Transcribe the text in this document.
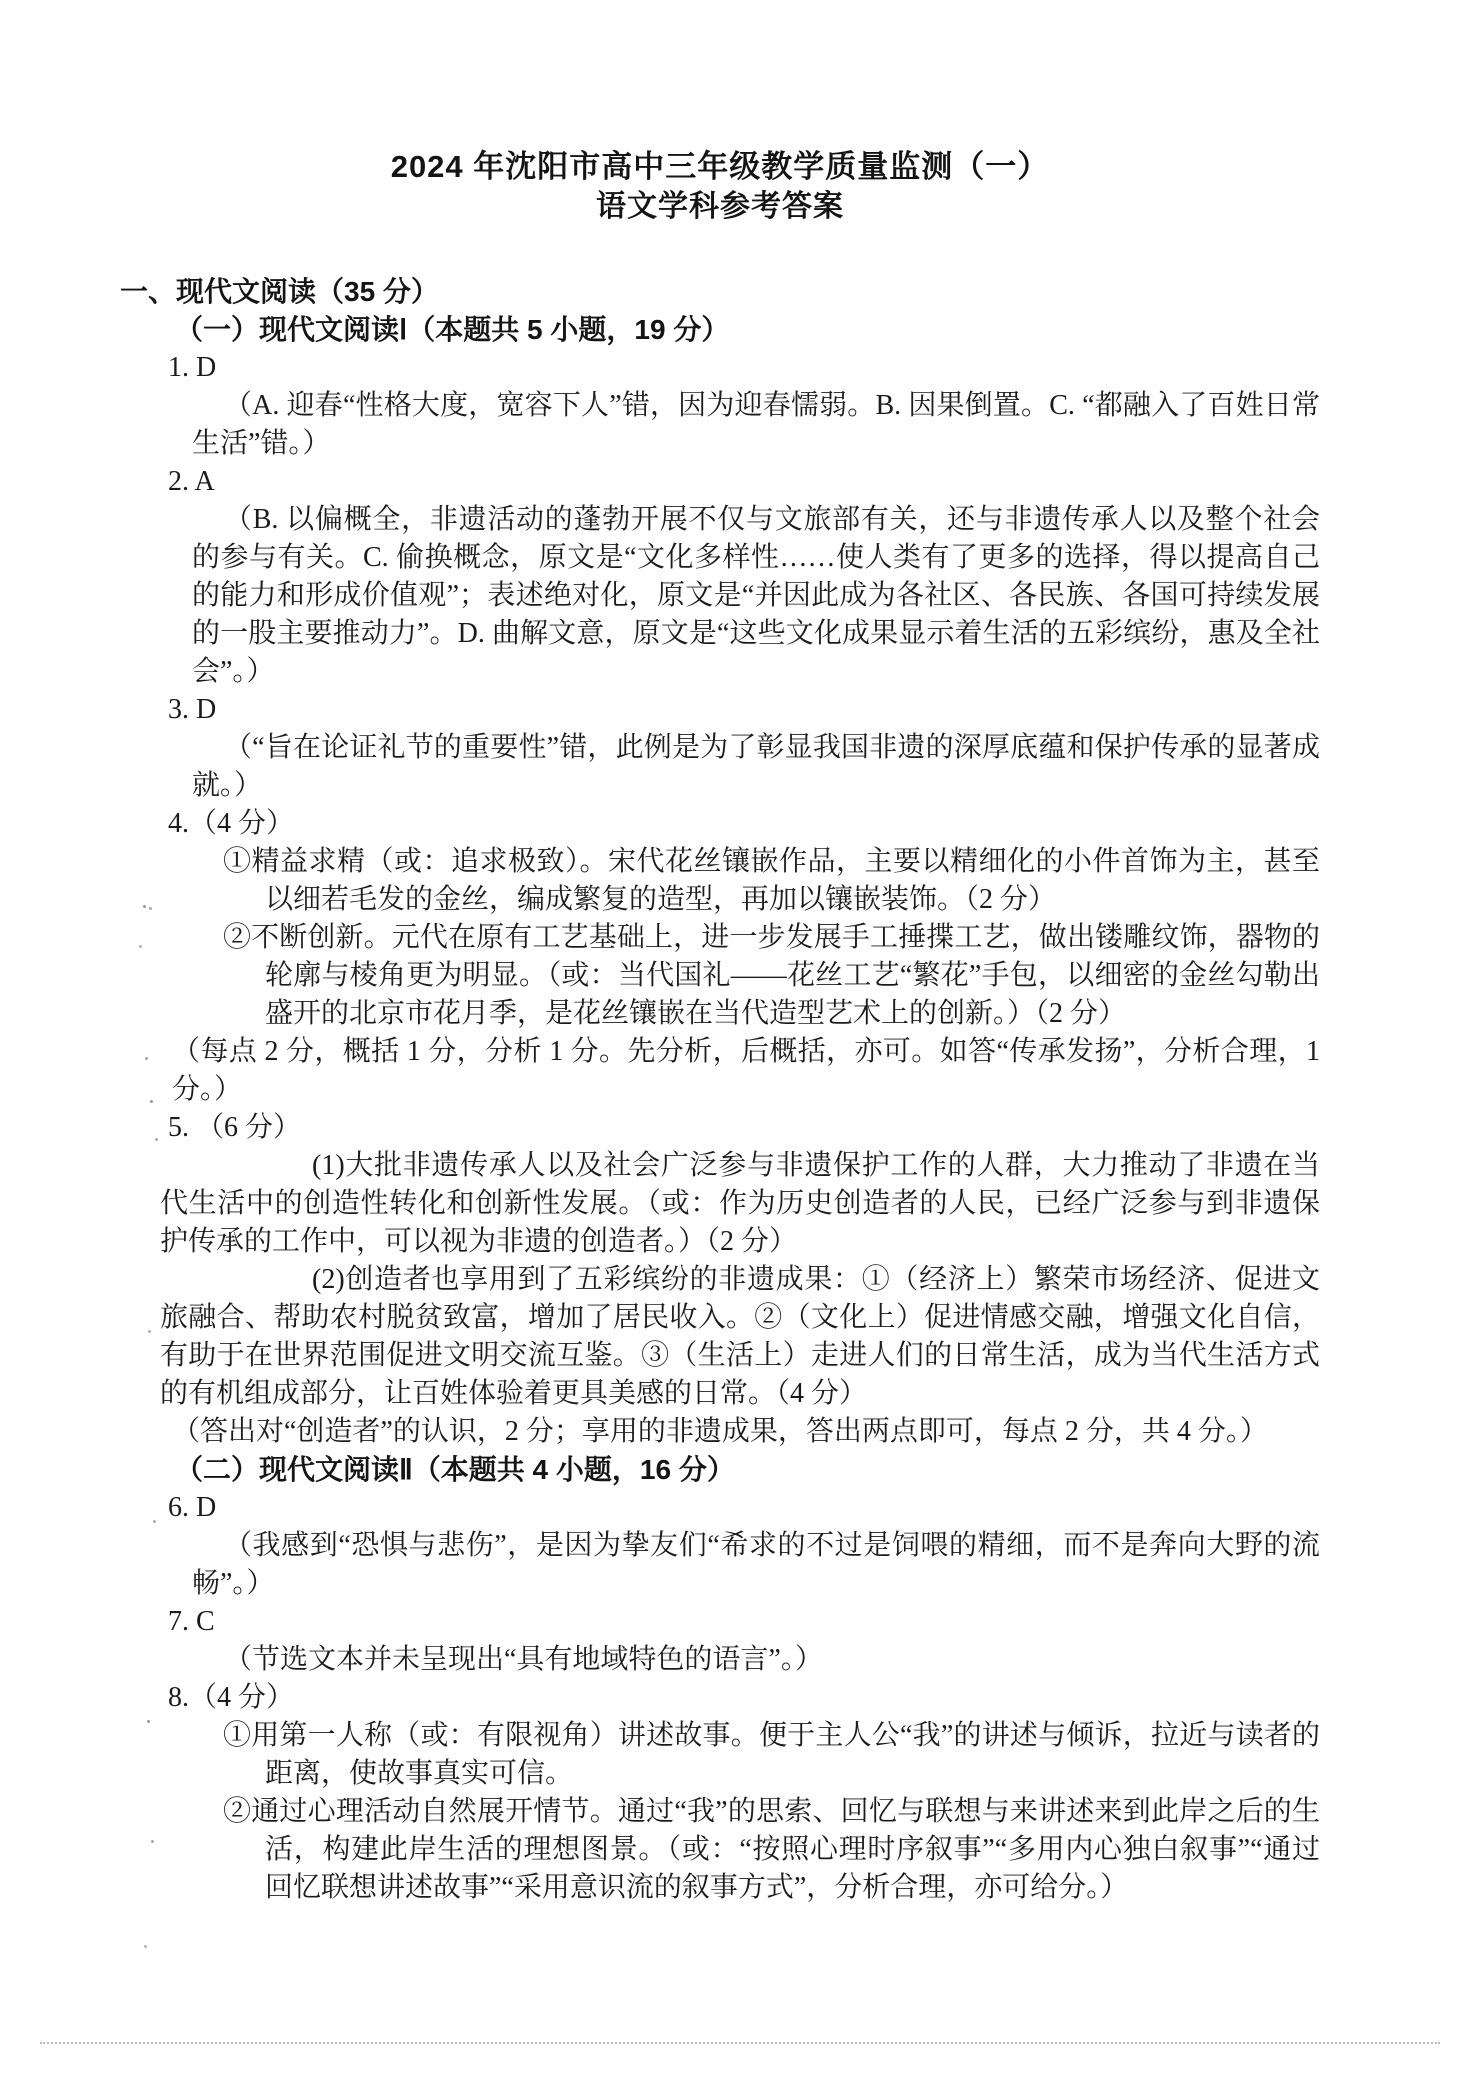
2024 年沈阳市高中三年级教学质量监测（一）
语文学科参考答案

一、现代文阅读（35 分）

（一）现代文阅读Ⅰ（本题共 5 小题，19 分）

1. D

（A. 迎春“性格大度，宽容下人”错，因为迎春懦弱。B. 因果倒置。C. “都融入了百姓日常生活”错。）

2. A

（B. 以偏概全，非遗活动的蓬勃开展不仅与文旅部有关，还与非遗传承人以及整个社会的参与有关。C. 偷换概念，原文是“文化多样性……使人类有了更多的选择，得以提高自己的能力和形成价值观”；表述绝对化，原文是“并因此成为各社区、各民族、各国可持续发展的一股主要推动力”。D. 曲解文意，原文是“这些文化成果显示着生活的五彩缤纷，惠及全社会”。）

3. D

（“旨在论证礼节的重要性”错，此例是为了彰显我国非遗的深厚底蕴和保护传承的显著成就。）

4.（4 分）

①精益求精（或：追求极致）。宋代花丝镶嵌作品，主要以精细化的小件首饰为主，甚至以细若毛发的金丝，编成繁复的造型，再加以镶嵌装饰。（2 分）

②不断创新。元代在原有工艺基础上，进一步发展手工捶揲工艺，做出镂雕纹饰，器物的轮廓与棱角更为明显。（或：当代国礼——花丝工艺“繁花”手包，以细密的金丝勾勒出盛开的北京市花月季，是花丝镶嵌在当代造型艺术上的创新。）（2 分）

（每点 2 分，概括 1 分，分析 1 分。先分析，后概括，亦可。如答“传承发扬”，分析合理，1 分。）

5. （6 分）

(1)大批非遗传承人以及社会广泛参与非遗保护工作的人群，大力推动了非遗在当代生活中的创造性转化和创新性发展。（或：作为历史创造者的人民，已经广泛参与到非遗保护传承的工作中，可以视为非遗的创造者。）（2 分）

(2)创造者也享用到了五彩缤纷的非遗成果：①（经济上）繁荣市场经济、促进文旅融合、帮助农村脱贫致富，增加了居民收入。②（文化上）促进情感交融，增强文化自信，有助于在世界范围促进文明交流互鉴。③（生活上）走进人们的日常生活，成为当代生活方式的有机组成部分，让百姓体验着更具美感的日常。（4 分）

（答出对“创造者”的认识，2 分；享用的非遗成果，答出两点即可，每点 2 分，共 4 分。）

（二）现代文阅读Ⅱ（本题共 4 小题，16 分）

6. D

（我感到“恐惧与悲伤”，是因为挚友们“希求的不过是饲喂的精细，而不是奔向大野的流畅”。）

7. C

（节选文本并未呈现出“具有地域特色的语言”。）

8.（4 分）

①用第一人称（或：有限视角）讲述故事。便于主人公“我”的讲述与倾诉，拉近与读者的距离，使故事真实可信。

②通过心理活动自然展开情节。通过“我”的思索、回忆与联想与来讲述来到此岸之后的生活，构建此岸生活的理想图景。（或：“按照心理时序叙事”“多用内心独白叙事”“通过回忆联想讲述故事”“采用意识流的叙事方式”，分析合理，亦可给分。）
